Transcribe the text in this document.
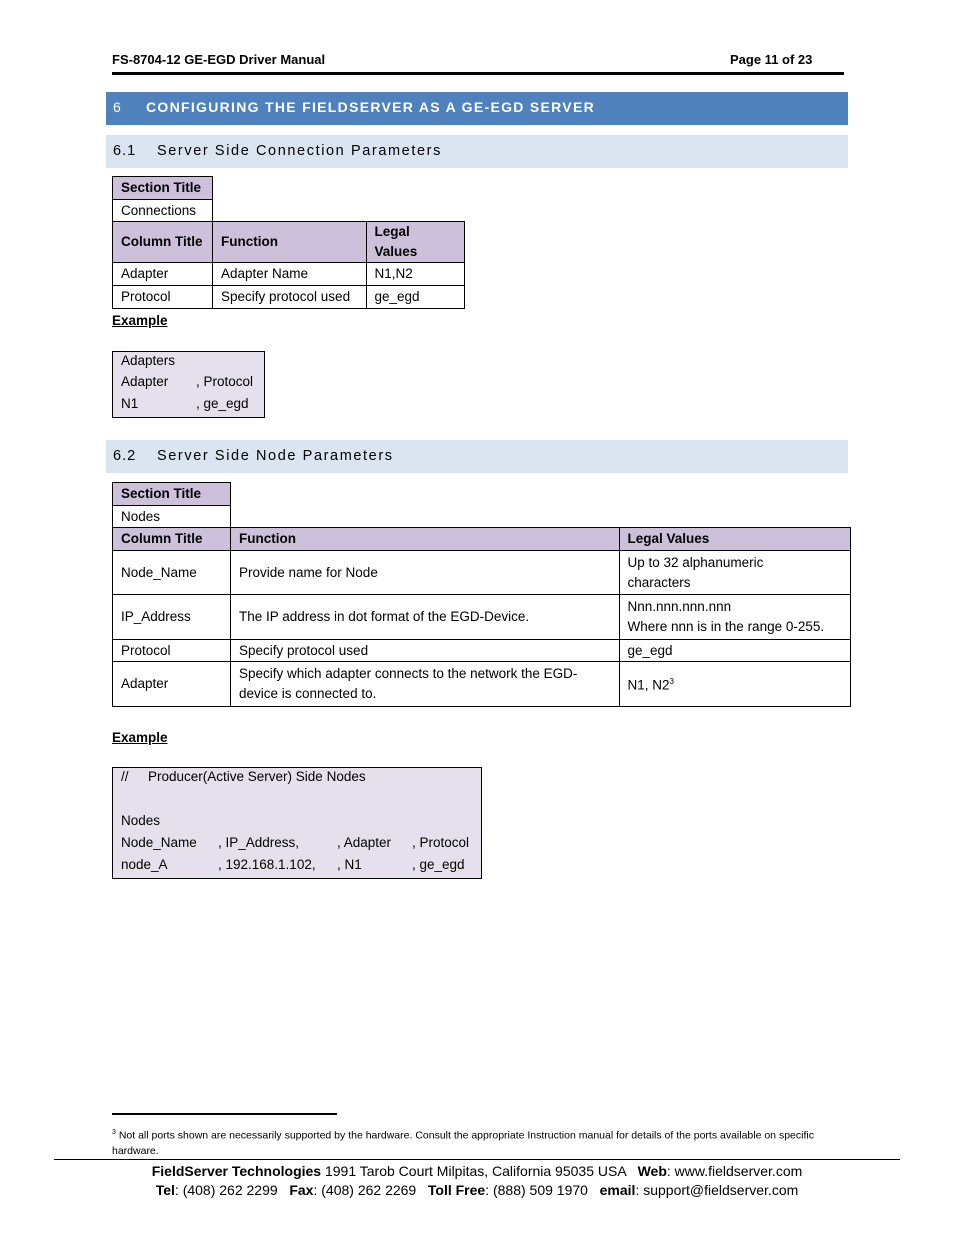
FS-8704-12 GE-EGD Driver Manual	Page 11 of 23
6 CONFIGURING THE FIELDSERVER AS A GE-EGD SERVER
6.1 Server Side Connection Parameters
Section Title		
Connections		
Column Title	Function	Legal Values
Adapter	Adapter Name	N1,N2
Protocol	Specify protocol used	ge_egd
Example
Adapters
Adapter , Protocol
N1	, ge_egd
6.2 Server Side Node Parameters
Section Title		
Nodes		
Column Title	Function	Legal Values
Node_Name	Provide name for Node	Up to 32 alphanumeric
characters

IP_Address	The IP address in dot format of the EGD-Device.	Nnn.nnn.nnn.nnn
Where nnn is in the range 0-255.

Protocol	Specify protocol used	ge_egd
Adapter	Specify which adapter connects to the network the EGD-
device is connected to.	N1, $N2^3$
Example
// Producer(Active Server) Side Nodes
Nodes
Node_Name , IP_Address,	, Adapter , Protocol
node_A	, 192.168.1.102, , N1	, ge_egd
$^3$ Not all ports shown are necessarily supported by the hardware. Consult the appropriate Instruction manual for details of the ports available on specific hardware.
FieldServer Technologies 1991 Tarob Court Milpitas, California 95035 USA Web: www.fieldserver.com
Tel: (408) 262 2299 Fax: (408) 262 2269 Toll Free: (888) 509 1970 email: support@fieldserver.com
